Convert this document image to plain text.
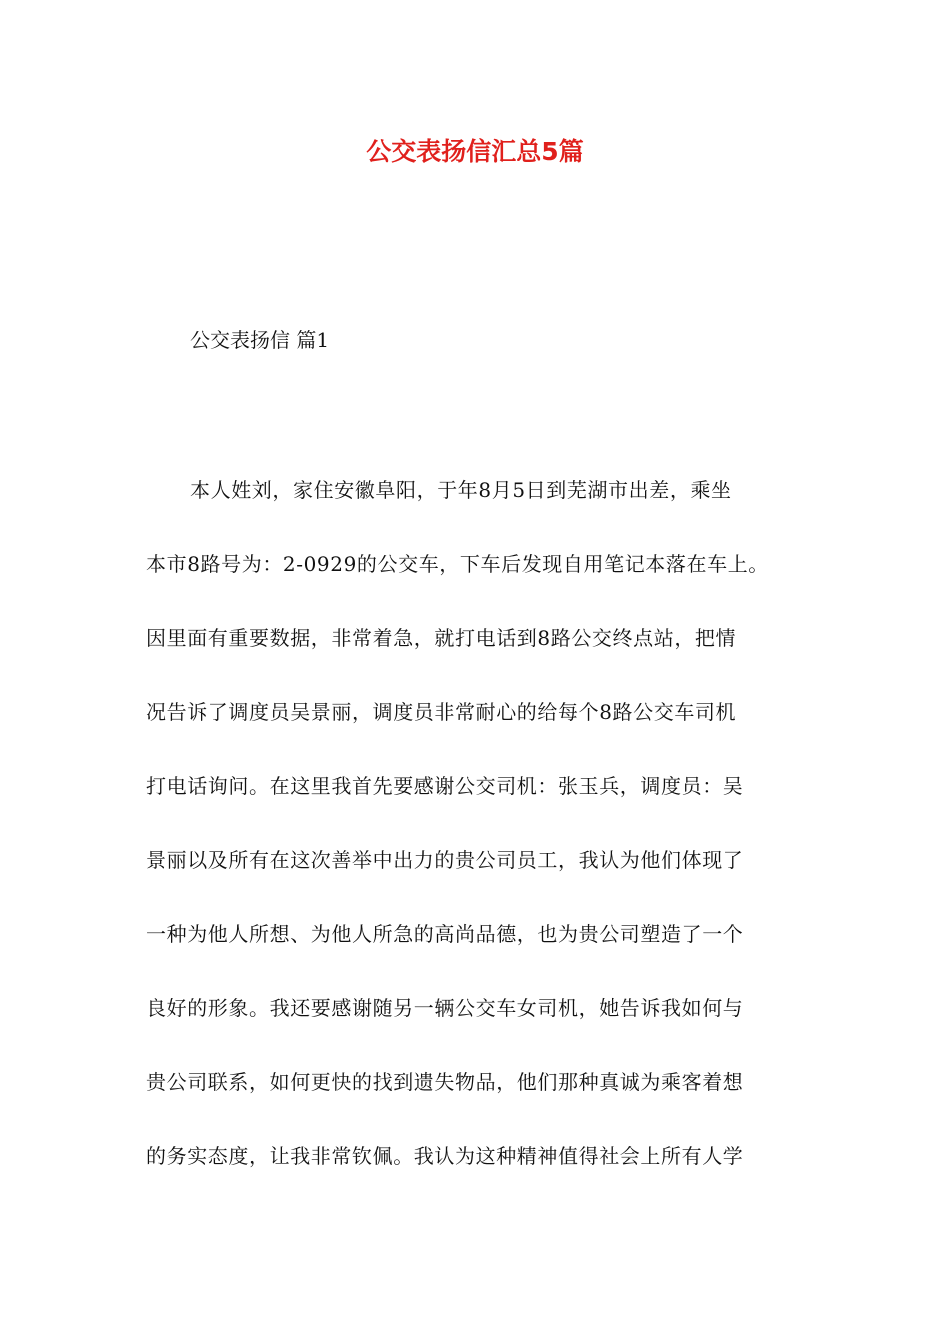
公交表扬信汇总5篇

公交表扬信 篇1

本人姓刘，家住安徽阜阳，于年8月5日到芜湖市出差，乘坐
本市8路号为：2-0929的公交车，下车后发现自用笔记本落在车上。
因里面有重要数据，非常着急，就打电话到8路公交终点站，把情
况告诉了调度员吴景丽，调度员非常耐心的给每个8路公交车司机
打电话询问。在这里我首先要感谢公交司机：张玉兵，调度员：吴
景丽以及所有在这次善举中出力的贵公司员工，我认为他们体现了
一种为他人所想、为他人所急的高尚品德，也为贵公司塑造了一个
良好的形象。我还要感谢随另一辆公交车女司机，她告诉我如何与
贵公司联系，如何更快的找到遗失物品，他们那种真诚为乘客着想
的务实态度，让我非常钦佩。我认为这种精神值得社会上所有人学
